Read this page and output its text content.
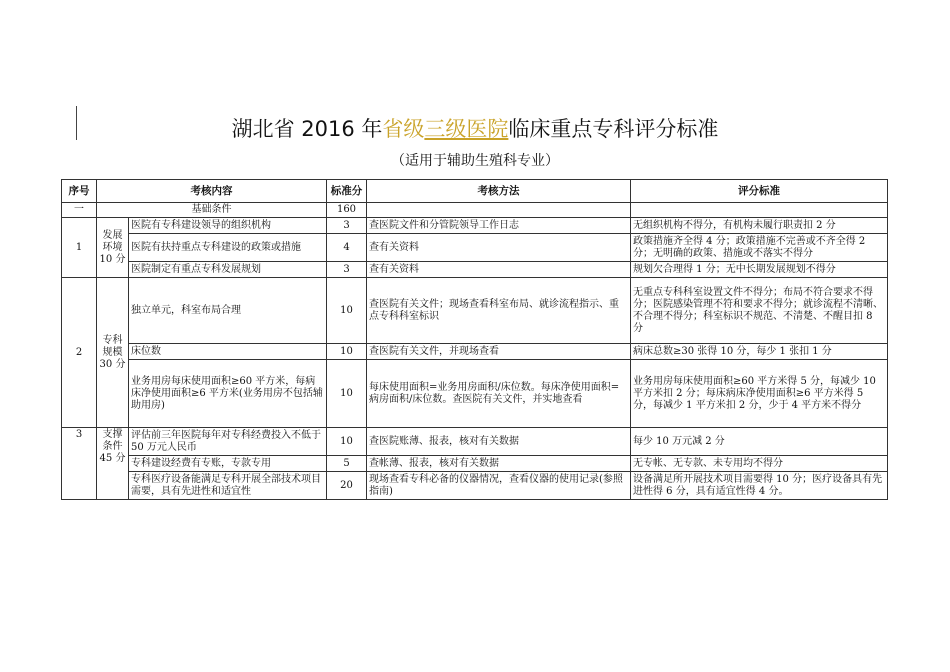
湖北省 2016 年省级三级医院临床重点专科评分标准
（适用于辅助生殖科专业）
序号	考核内容		标准分	考核方法	评分标准
一	基础条件		160		
1	发展环境10 分	医院有专科建设领导的组织机构	3	查医院文件和分管院领导工作日志	无组织机构不得分，有机构未履行职责扣 2 分
		医院有扶持重点专科建设的政策或措施	4	查有关资料	政策措施齐全得 4 分；政策措施不完善或不齐全得 2 分；无明确的政策、措施或不落实不得分
		医院制定有重点专科发展规划	3	查有关资料	规划欠合理得 1 分；无中长期发展规划不得分
2	专科规模30 分	独立单元，科室布局合理	10	查医院有关文件；现场查看科室布局、就诊流程指示、重点专科科室标识	无重点专科科室设置文件不得分；布局不符合要求不得分；医院感染管理不符和要求不得分；就诊流程不清晰、不合理不得分；科室标识不规范、不清楚、不醒目扣 8 分
		床位数	10	查医院有关文件，并现场查看	病床总数≥30 张得 10 分，每少 1 张扣 1 分
		业务用房每床使用面积≥60 平方米，每病床净使用面积≥6 平方米(业务用房不包括辅助用房)	10	每床使用面积=业务用房面积/床位数。每床净使用面积=病房面积/床位数。查医院有关文件，并实地查看	业务用房每床使用面积≥60 平方米得 5 分，每减少 10 平方米扣 2 分；每床病床净使用面积≥6 平方米得 5 分，每减少 1 平方米扣 2 分，少于 4 平方米不得分
3	支撑条件45 分	评估前三年医院每年对专科经费投入不低于 50 万元人民币	10	查医院账薄、报表，核对有关数据	每少 10 万元减 2 分
		专科建设经费有专账，专款专用	5	查帐薄、报表，核对有关数据	无专帐、无专款、未专用均不得分
		专科医疗设备能满足专科开展全部技术项目需要，具有先进性和适宜性	20	现场查看专科必备的仪器情况，查看仪器的使用记录(参照指南)	设备满足所开展技术项目需要得 10 分；医疗设备具有先进性得 6 分，具有适宜性得 4 分。
